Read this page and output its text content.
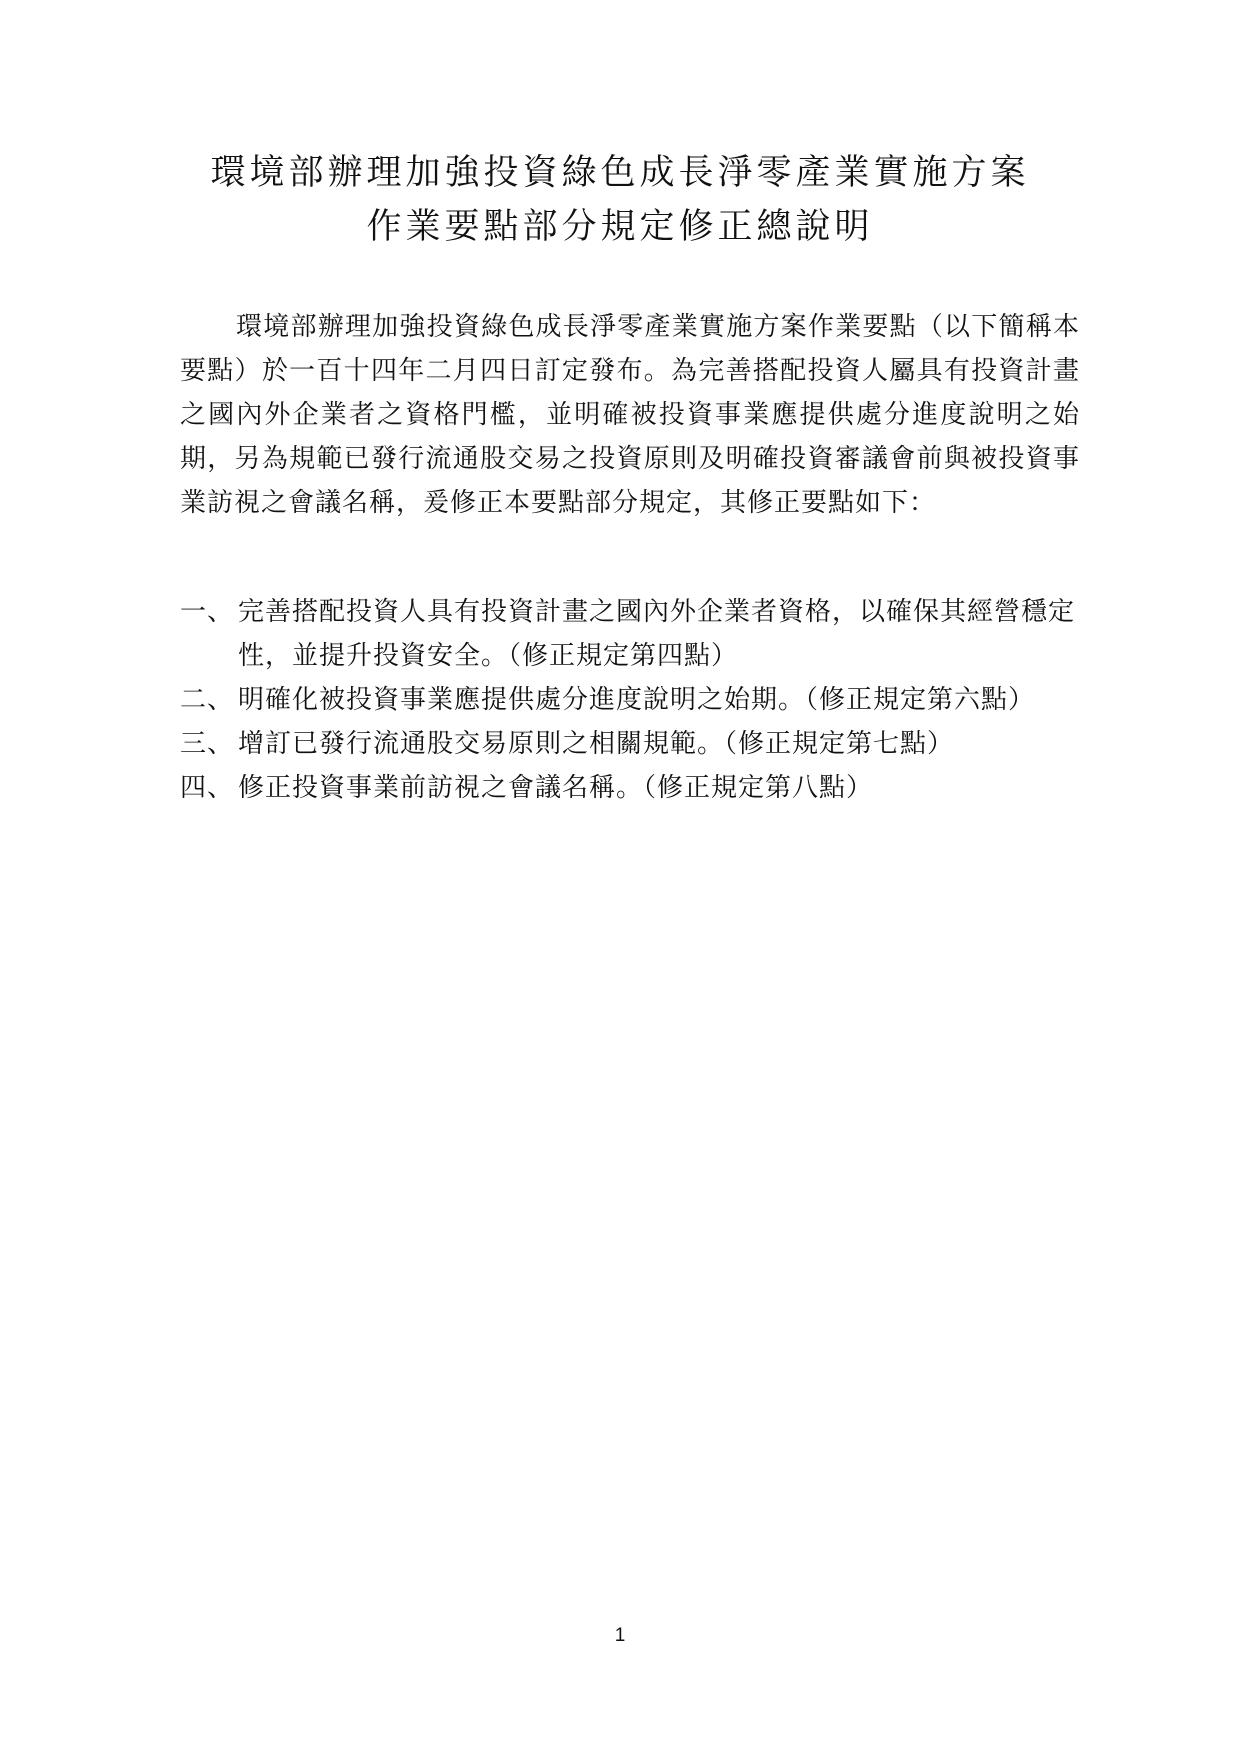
環境部辦理加強投資綠色成長淨零產業實施方案
作業要點部分規定修正總說明

環境部辦理加強投資綠色成長淨零產業實施方案作業要點（以下簡稱本要點）於一百十四年二月四日訂定發布。為完善搭配投資人屬具有投資計畫之國內外企業者之資格門檻，並明確被投資事業應提供處分進度說明之始期，另為規範已發行流通股交易之投資原則及明確投資審議會前與被投資事業訪視之會議名稱，爰修正本要點部分規定，其修正要點如下：

一、 完善搭配投資人具有投資計畫之國內外企業者資格，以確保其經營穩定性，並提升投資安全。（修正規定第四點）
二、 明確化被投資事業應提供處分進度說明之始期。（修正規定第六點）
三、 增訂已發行流通股交易原則之相關規範。（修正規定第七點）
四、 修正投資事業前訪視之會議名稱。（修正規定第八點）
1
